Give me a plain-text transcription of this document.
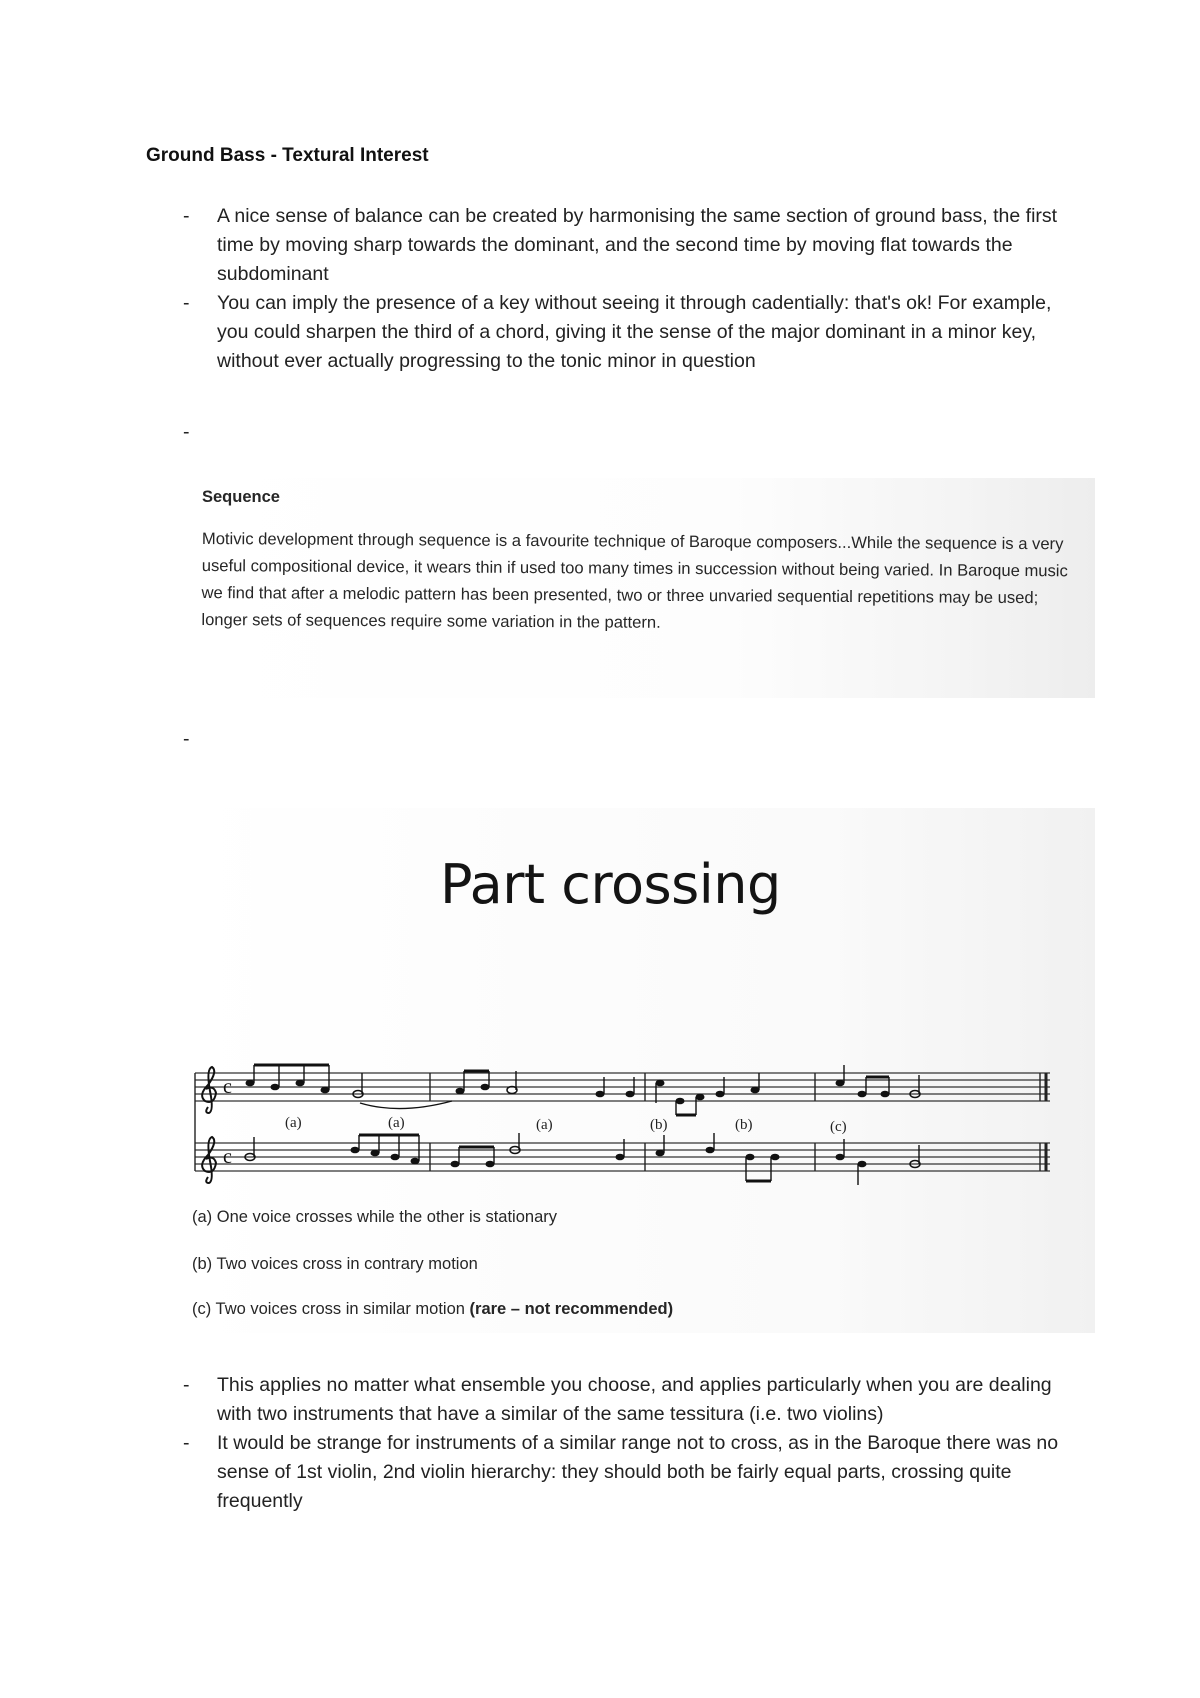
Ground Bass - Textural Interest
- A nice sense of balance can be created by harmonising the same section of ground bass, the first time by moving sharp towards the dominant, and the second time by moving flat towards the subdominant
- You can imply the presence of a key without seeing it through cadentially: that's ok! For example, you could sharpen the third of a chord, giving it the sense of the major dominant in a minor key, without ever actually progressing to the tonic minor in question
-
Sequence
Motivic development through sequence is a favourite technique of Baroque composers...While the sequence is a very useful compositional device, it wears thin if used too many times in succession without being varied. In Baroque music we find that after a melodic pattern has been presented, two or three unvaried sequential repetitions may be used; longer sets of sequences require some variation in the pattern.
-
Part crossing
c
c
(a)	(a)	(a)	(b)	(b)	(c)
(a) One voice crosses while the other is stationary
(b) Two voices cross in contrary motion
(c) Two voices cross in similar motion (rare – not recommended)
- This applies no matter what ensemble you choose, and applies particularly when you are dealing with two instruments that have a similar of the same tessitura (i.e. two violins)
- It would be strange for instruments of a similar range not to cross, as in the Baroque there was no sense of 1st violin, 2nd violin hierarchy: they should both be fairly equal parts, crossing quite frequently
